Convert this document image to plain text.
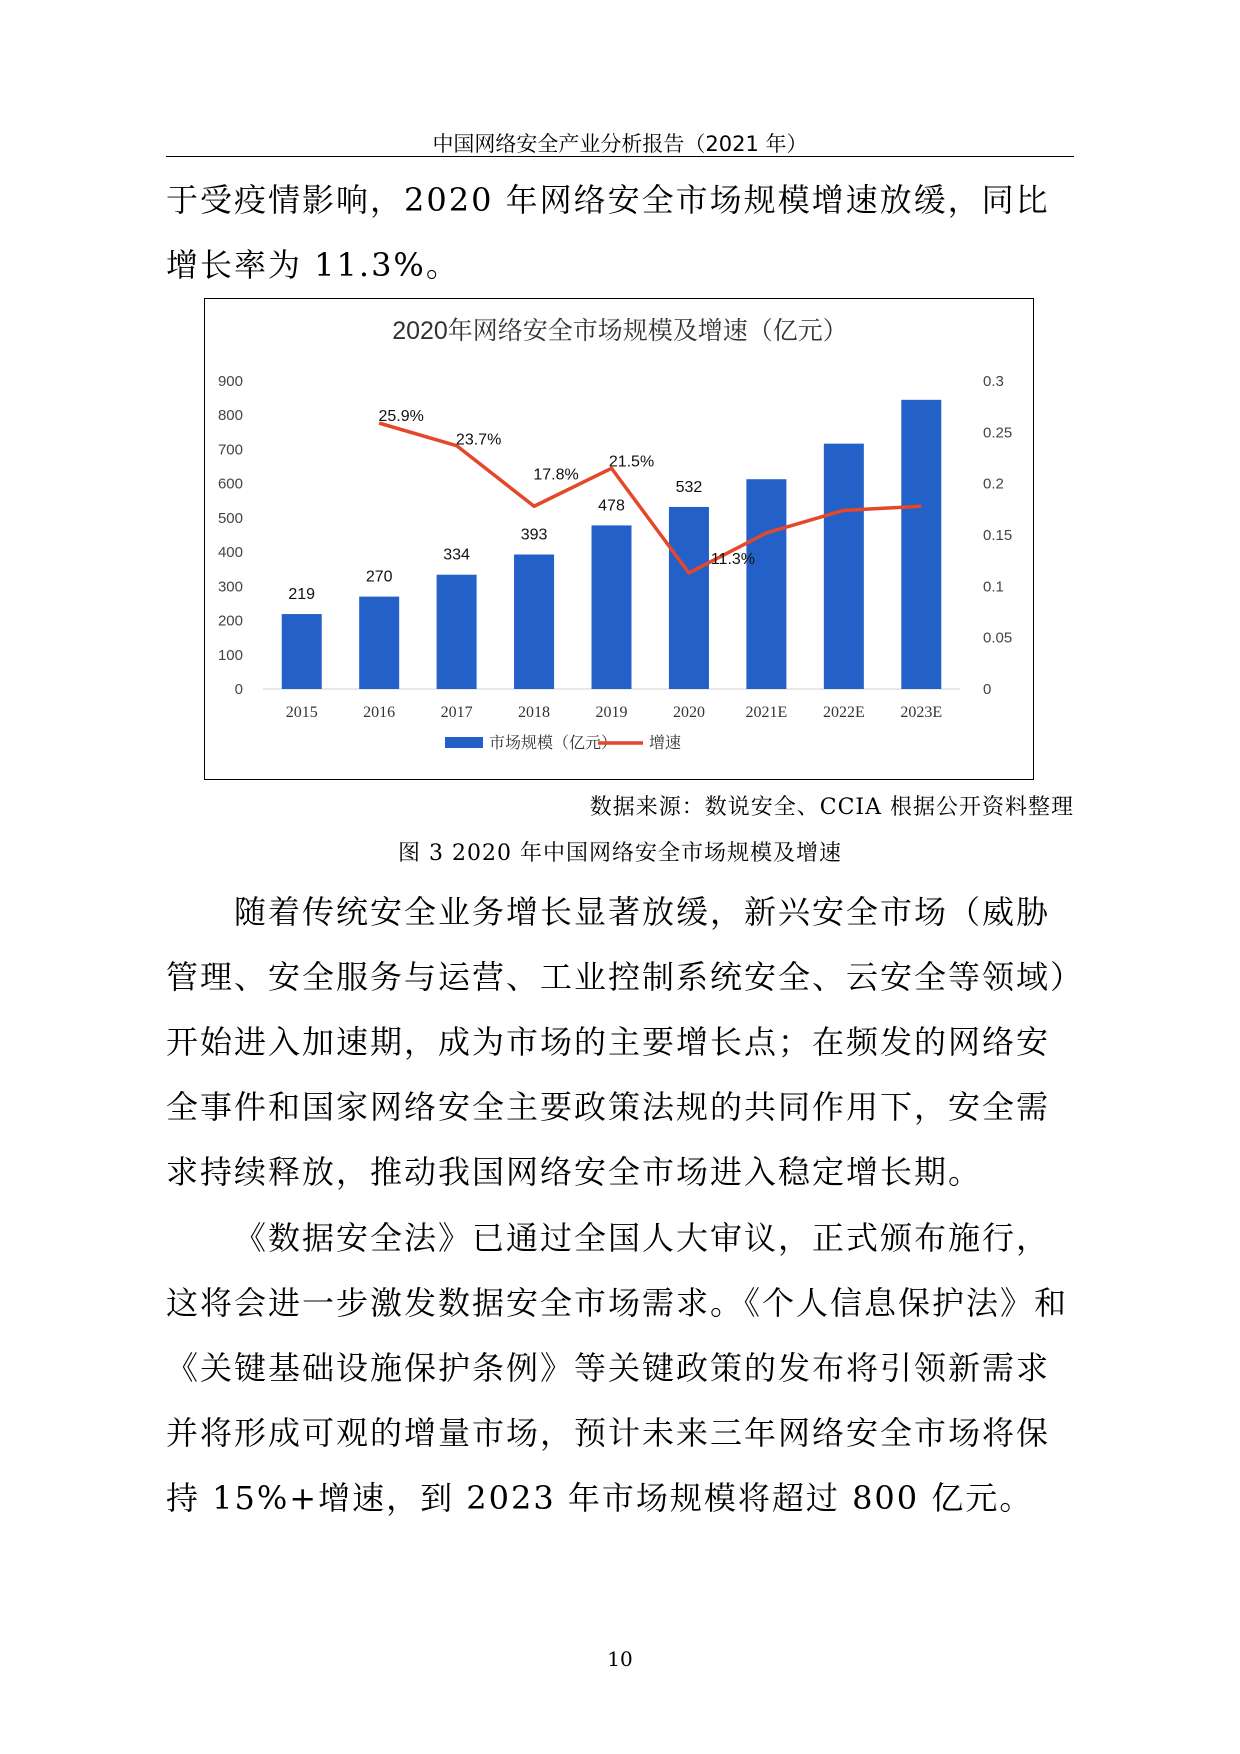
中国网络安全产业分析报告（2021 年）

于受疫情影响，2020 年网络安全市场规模增速放缓，同比增长率为 11.3%。

2020年网络安全市场规模及增速（亿元）
0
100
200
300
400
500
600
700
800
900
0
0.05
0.1
0.15
0.2
0.25
0.3
219
270
334
393
478
532
2015	2016	2017	2018	2019	2020	2021E 2022E 2023E
25.9%
23.7%
17.8%
21.5%
11.3%
市场规模（亿元） 增速
数据来源：数说安全、CCIA 根据公开资料整理
图 3 2020 年中国网络安全市场规模及增速

随着传统安全业务增长显著放缓，新兴安全市场（威胁管理、安全服务与运营、工业控制系统安全、云安全等领域）开始进入加速期，成为市场的主要增长点；在频发的网络安全事件和国家网络安全主要政策法规的共同作用下，安全需求持续释放，推动我国网络安全市场进入稳定增长期。

《数据安全法》已通过全国人大审议，正式颁布施行，这将会进一步激发数据安全市场需求。《个人信息保护法》和《关键基础设施保护条例》等关键政策的发布将引领新需求并将形成可观的增量市场，预计未来三年网络安全市场将保持 15%+增速，到 2023 年市场规模将超过 800 亿元。

10
